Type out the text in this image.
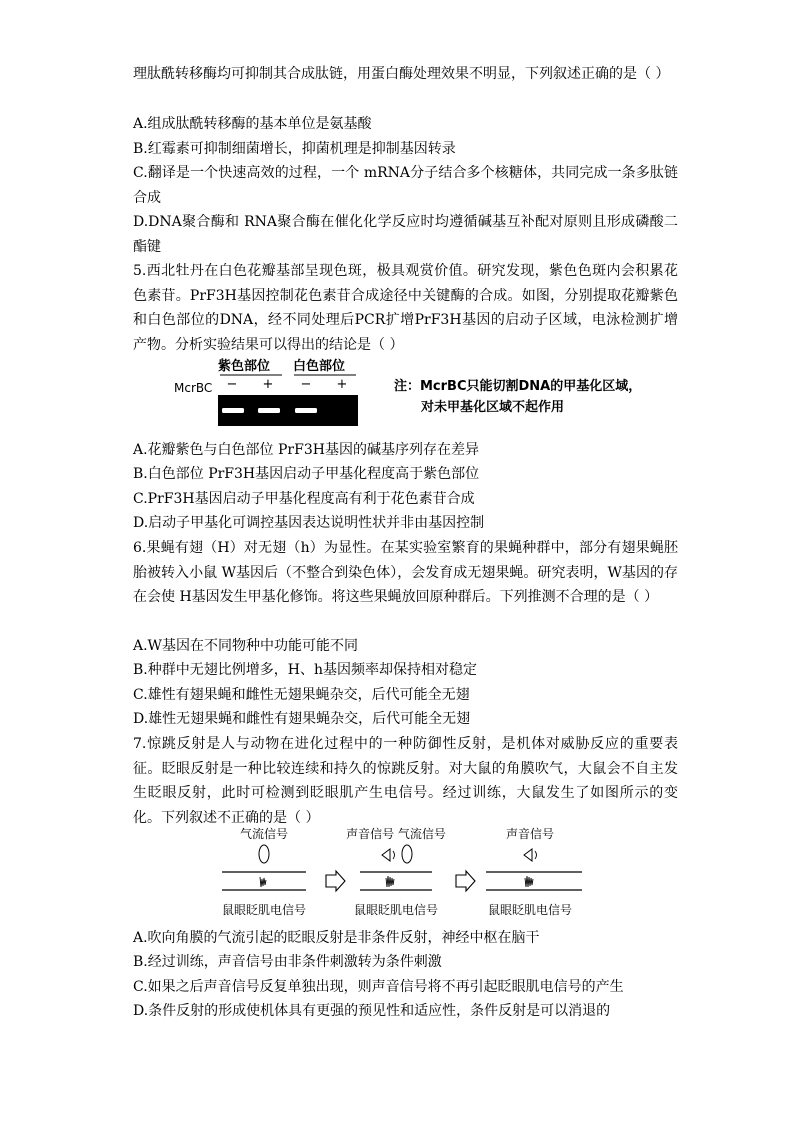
理肽酰转移酶均可抑制其合成肽链，用蛋白酶处理效果不明显，下列叙述正确的是（ ）

A.组成肽酰转移酶的基本单位是氨基酸

B.红霉素可抑制细菌增长，抑菌机理是抑制基因转录

C.翻译是一个快速高效的过程，一个 mRNA分子结合多个核糖体，共同完成一条多肽链合成

D.DNA聚合酶和 RNA聚合酶在催化化学反应时均遵循碱基互补配对原则且形成磷酸二酯键

5.西北牡丹在白色花瓣基部呈现色斑，极具观赏价值。研究发现，紫色色斑内会积累花色素苷。PrF3H基因控制花色素苷合成途径中关键酶的合成。如图，分别提取花瓣紫色和白色部位的DNA，经不同处理后PCR扩增PrF3H基因的启动子区域，电泳检测扩增产物。分析实验结果可以得出的结论是（ ）

紫色部位 白色部位
McrBC − + − +	注：McrBC只能切割DNA的甲基化区域，
对未甲基化区域不起作用

A.花瓣紫色与白色部位 PrF3H基因的碱基序列存在差异

B.白色部位 PrF3H基因启动子甲基化程度高于紫色部位

C.PrF3H基因启动子甲基化程度高有利于花色素苷合成

D.启动子甲基化可调控基因表达说明性状并非由基因控制

6.果蝇有翅（H）对无翅（h）为显性。在某实验室繁育的果蝇种群中，部分有翅果蝇胚胎被转入小鼠 W基因后（不整合到染色体），会发育成无翅果蝇。研究表明，W基因的存在会使 H基因发生甲基化修饰。将这些果蝇放回原种群后。下列推测不合理的是（ ）

A.W基因在不同物种中功能可能不同

B.种群中无翅比例增多，H、h基因频率却保持相对稳定

C.雄性有翅果蝇和雌性无翅果蝇杂交，后代可能全无翅

D.雄性无翅果蝇和雌性有翅果蝇杂交，后代可能全无翅

7.惊跳反射是人与动物在进化过程中的一种防御性反射，是机体对威胁反应的重要表征。眨眼反射是一种比较连续和持久的惊跳反射。对大鼠的角膜吹气，大鼠会不自主发生眨眼反射，此时可检测到眨眼肌产生电信号。经过训练，大鼠发生了如图所示的变化。下列叙述不正确的是（ ）

气流信号
鼠眼眨肌电信号
声音信号 气流信号
鼠眼眨肌电信号
声音信号
鼠眼眨肌电信号

A.吹向角膜的气流引起的眨眼反射是非条件反射，神经中枢在脑干

B.经过训练，声音信号由非条件刺激转为条件刺激

C.如果之后声音信号反复单独出现，则声音信号将不再引起眨眼肌电信号的产生

D.条件反射的形成使机体具有更强的预见性和适应性，条件反射是可以消退的
